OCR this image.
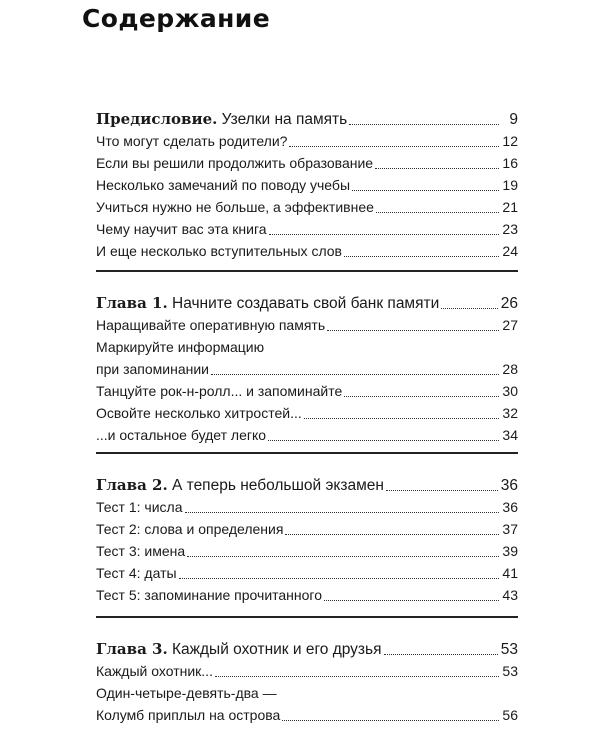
Содержание
Предисловие. Узелки на память	9
Что могут сделать родители?	12
Если вы решили продолжить образование	16
Несколько замечаний по поводу учебы	19
Учиться нужно не больше, а эффективнее	21
Чему научит вас эта книга	23
И еще несколько вступительных слов	24
Глава 1. Начните создавать свой банк памяти	26
Наращивайте оперативную память	27
Маркируйте информацию
при запоминании	28
Танцуйте рок-н-ролл... и запоминайте	30
Освойте несколько хитростей...	32
...и остальное будет легко	34
Глава 2. А теперь небольшой экзамен	36
Тест 1: числа	36
Тест 2: слова и определения	37
Тест 3: имена	39
Тест 4: даты	41
Тест 5: запоминание прочитанного	43
Глава 3. Каждый охотник и его друзья	53
Каждый охотник...	53
Один-четыре-девять-два —
Колумб приплыл на острова	56
